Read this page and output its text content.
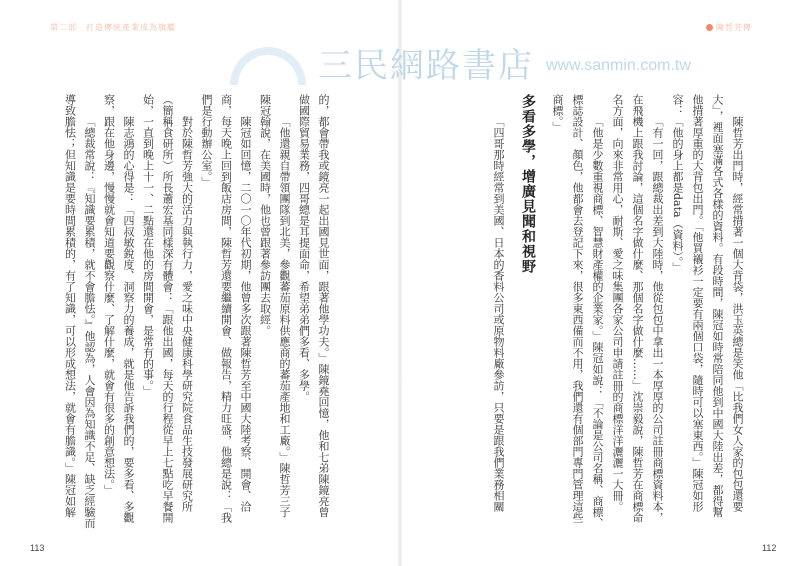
第二部　打造傳統產業成為旗艦	陳哲芳傳
三民網路書店 www.sanmin.com.tw
陳哲芳出門時，經常揹著一個大背袋，洪玉英總是笑他「比我們女人家的包包還要
大」，裡面塞滿各式各樣的資料。有段時間，陳冠如時常陪同他到中國大陸出差，都得幫
他揹著厚重的大背包出門。「他買襯衫一定要有兩個口袋，隨時可以塞東西。」陳冠如形
容：「他的身上都是data（資料）。」
「有一回，跟總裁出差到大陸時，他從包包中拿出一本厚厚的公司註冊商標資料本，
在飛機上跟我討論，這個名字做什麼、那個名字做什麼……」沈崇毅說，陳哲芳在商標命
名方面，向來非常用心，耐斯、愛之味集團各家公司申請註冊的商標洋洋灑灑一大冊。
「他是少數重視商標、智慧財產權的企業家。」陳冠如說：「不論是公司名稱、商標、
標誌設計、顏色，他都會去登記下來，很多東西備而不用，我們還有個部門專門管理這些
商標。」
多看多學，增廣見聞和視野
「四哥那時經常到美國、日本的香料公司或原物料廠參訪，只要是跟我們業務相關
的，都會帶我或鏡亮一起出國見世面，跟著他學功夫。」陳鏡堯回憶，他和七弟陳鏡亮曾
做國際貿易業務，四哥總是耳提面命，希望弟弟們多看、多學。
「他還親自帶領團隊到北美，參觀蕃茄原料供應商的蕃茄產地和工廠。」陳哲芳三子
陳冠翰說，在美國時，他也曾跟著參訪團去取經。
陳冠如回憶，二〇一〇年代初期，他曾多次跟著陳哲芳至中國大陸考察、開會、洽
商，每天晚上回到飯店房間，陳哲芳還要繼續開會、做報告，精力旺盛，他總是說：「我
們是行動辦公室。」
對於陳哲芳強大的活力與執行力，愛之味中央健康科學研究院食品生技發展研究所
（簡稱食研所）所長蕭宏基同樣深有體會：「跟他出國，每天的行程從早上七點吃早餐開
始，一直到晚上十一、二點還在他的房間開會，是常有的事。」
陳志鴻的心得是：「四叔敏銳度、洞察力的養成，就是他告訴我們的，要多看、多觀
察，跟在他身邊，慢慢就會知道要觀察什麼、了解什麼，就會有很多的創意想法。」
「總裁常說：『知識要累積，就不會膽怯。』他認為，人會因為知識不足、缺乏經驗而
導致膽怯；但知識是要時間累積的，有了知識，可以形成想法，就會有膽識。」陳冠如解
113	112
